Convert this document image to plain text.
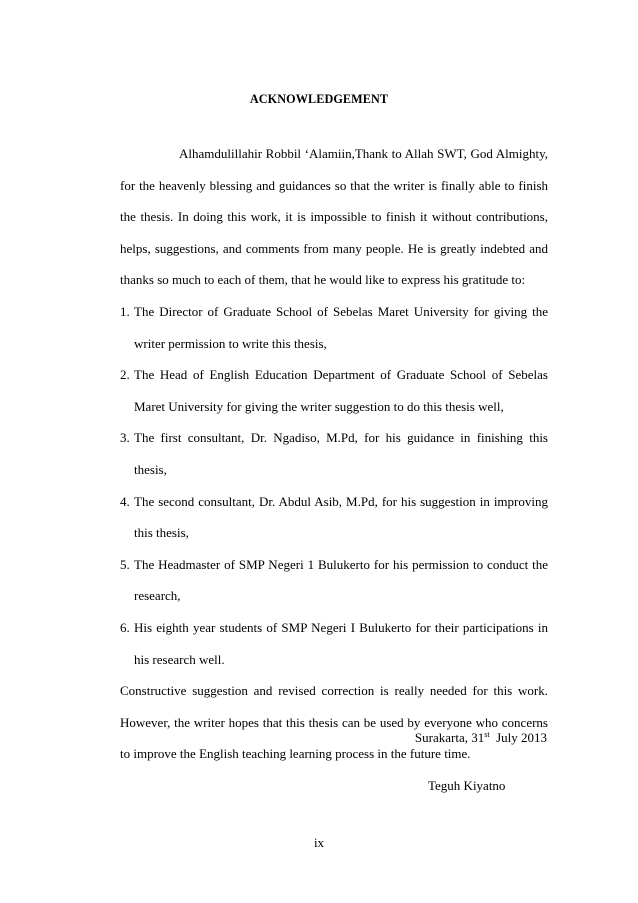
ACKNOWLEDGEMENT

Alhamdulillahir Robbil ‘Alamiin,Thank to Allah SWT, God Almighty, for the heavenly blessing and guidances so that the writer is finally able to finish the thesis. In doing this work, it is impossible to finish it without contributions, helps, suggestions, and comments from many people. He is greatly indebted and thanks so much to each of them, that he would like to express his gratitude to:

1. The Director of Graduate School of Sebelas Maret University for giving the writer permission to write this thesis,
2. The Head of English Education Department of Graduate School of Sebelas Maret University for giving the writer suggestion to do this thesis well,
3. The first consultant, Dr. Ngadiso, M.Pd, for his guidance in finishing this thesis,
4. The second consultant, Dr. Abdul Asib, M.Pd, for his suggestion in improving this thesis,
5. The Headmaster of SMP Negeri 1 Bulukerto for his permission to conduct the research,
6. His eighth year students of SMP Negeri I Bulukerto for their participations in his research well.

Constructive suggestion and revised correction is really needed for this work. However, the writer hopes that this thesis can be used by everyone who concerns to improve the English teaching learning process in the future time.

Surakarta, 31st  July 2013
Teguh Kiyatno
ix
